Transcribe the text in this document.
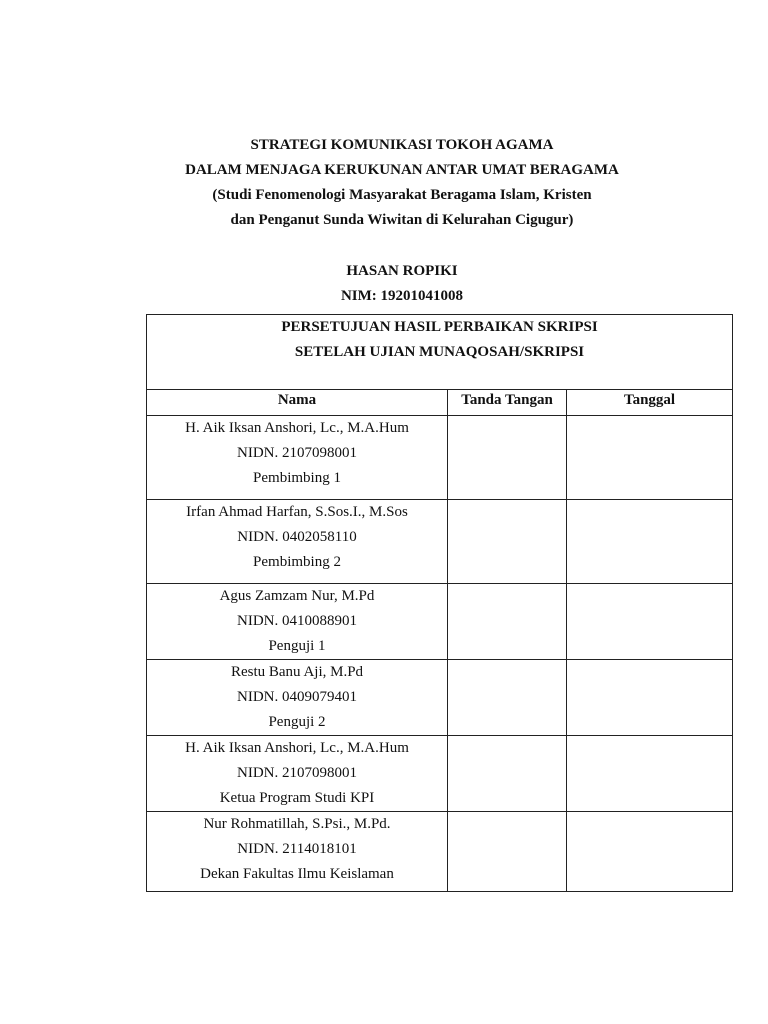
STRATEGI KOMUNIKASI TOKOH AGAMA
DALAM MENJAGA KERUKUNAN ANTAR UMAT BERAGAMA
(Studi Fenomenologi Masyarakat Beragama Islam, Kristen
dan Penganut Sunda Wiwitan di Kelurahan Cigugur)
HASAN ROPIKI
NIM: 19201041008
PERSETUJUAN HASIL PERBAIKAN SKRIPSI
SETELAH UJIAN MUNAQOSAH/SKRIPSI		

Nama	Tanda Tangan	Tanggal

H. Aik Iksan Anshori, Lc., M.A.Hum
NIDN. 2107098001
Pembimbing 1		

Irfan Ahmad Harfan, S.Sos.I., M.Sos
NIDN. 0402058110
Pembimbing 2		

Agus Zamzam Nur, M.Pd
NIDN. 0410088901
Penguji 1		

Restu Banu Aji, M.Pd
NIDN. 0409079401
Penguji 2		

H. Aik Iksan Anshori, Lc., M.A.Hum
NIDN. 2107098001
Ketua Program Studi KPI		

Nur Rohmatillah, S.Psi., M.Pd.
NIDN. 2114018101
Dekan Fakultas Ilmu Keislaman		
